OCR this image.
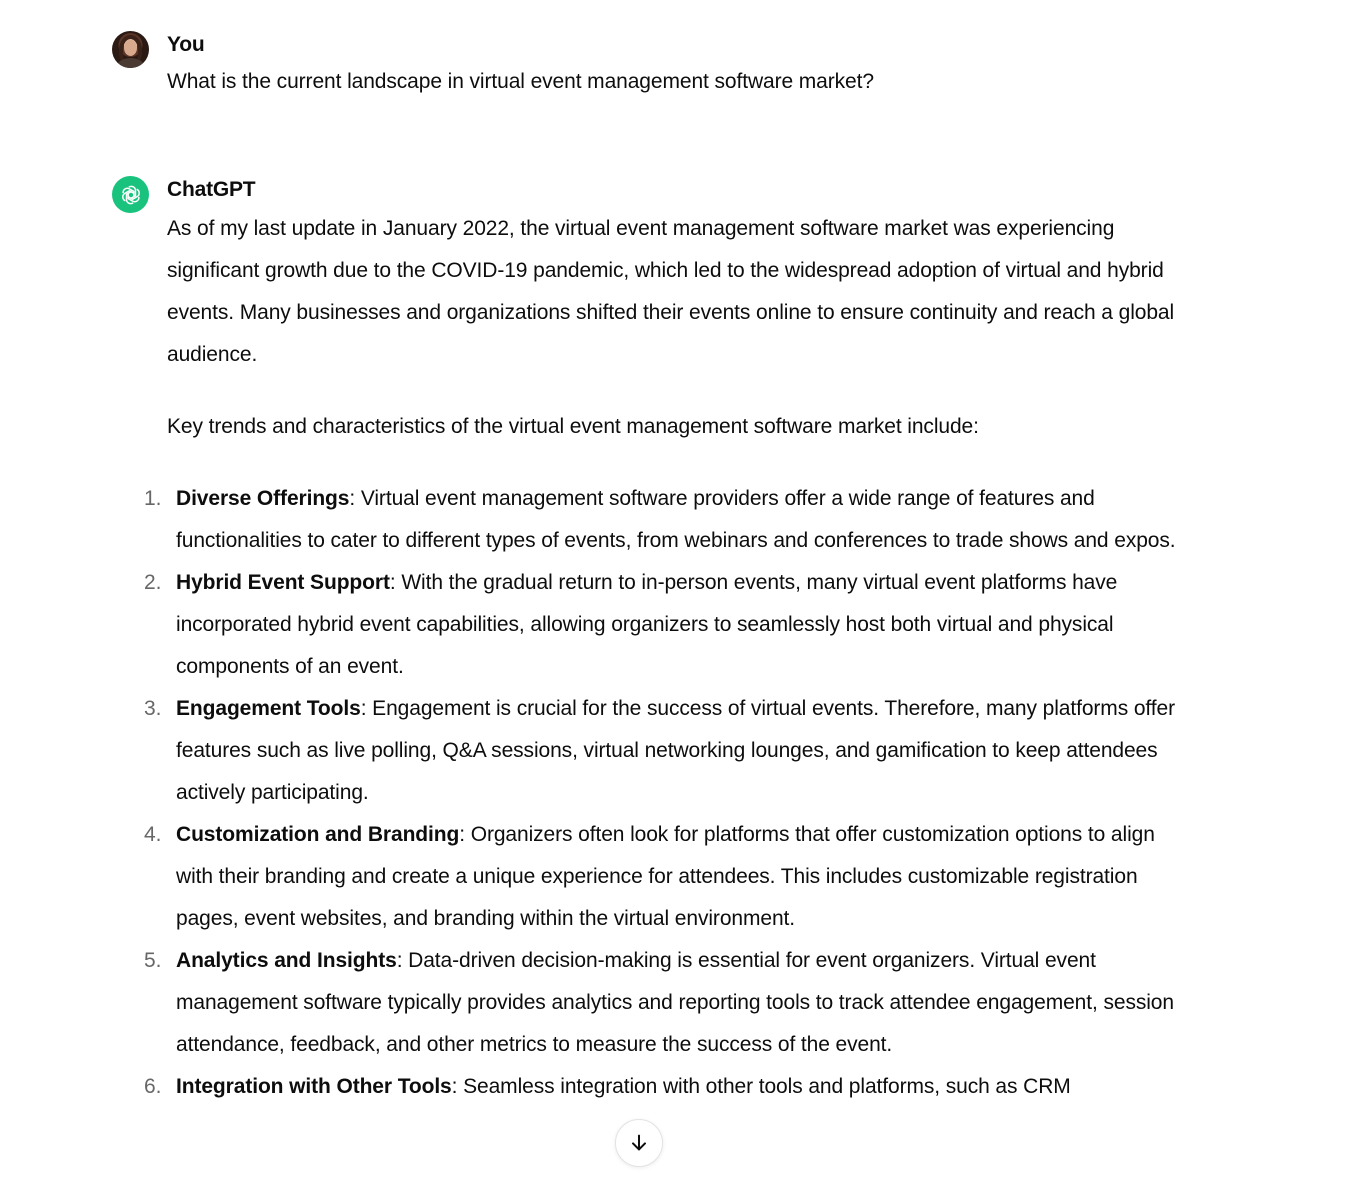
You
What is the current landscape in virtual event management software market?
ChatGPT

As of my last update in January 2022, the virtual event management software market was experiencing significant growth due to the COVID-19 pandemic, which led to the widespread adoption of virtual and hybrid events. Many businesses and organizations shifted their events online to ensure continuity and reach a global audience.

Key trends and characteristics of the virtual event management software market include:

1. Diverse Offerings: Virtual event management software providers offer a wide range of features and functionalities to cater to different types of events, from webinars and conferences to trade shows and expos.
2. Hybrid Event Support: With the gradual return to in-person events, many virtual event platforms have incorporated hybrid event capabilities, allowing organizers to seamlessly host both virtual and physical components of an event.
3. Engagement Tools: Engagement is crucial for the success of virtual events. Therefore, many platforms offer features such as live polling, Q&A sessions, virtual networking lounges, and gamification to keep attendees actively participating.
4. Customization and Branding: Organizers often look for platforms that offer customization options to align with their branding and create a unique experience for attendees. This includes customizable registration pages, event websites, and branding within the virtual environment.
5. Analytics and Insights: Data-driven decision-making is essential for event organizers. Virtual event management software typically provides analytics and reporting tools to track attendee engagement, session attendance, feedback, and other metrics to measure the success of the event.
6. Integration with Other Tools: Seamless integration with other tools and platforms, such as CRM
